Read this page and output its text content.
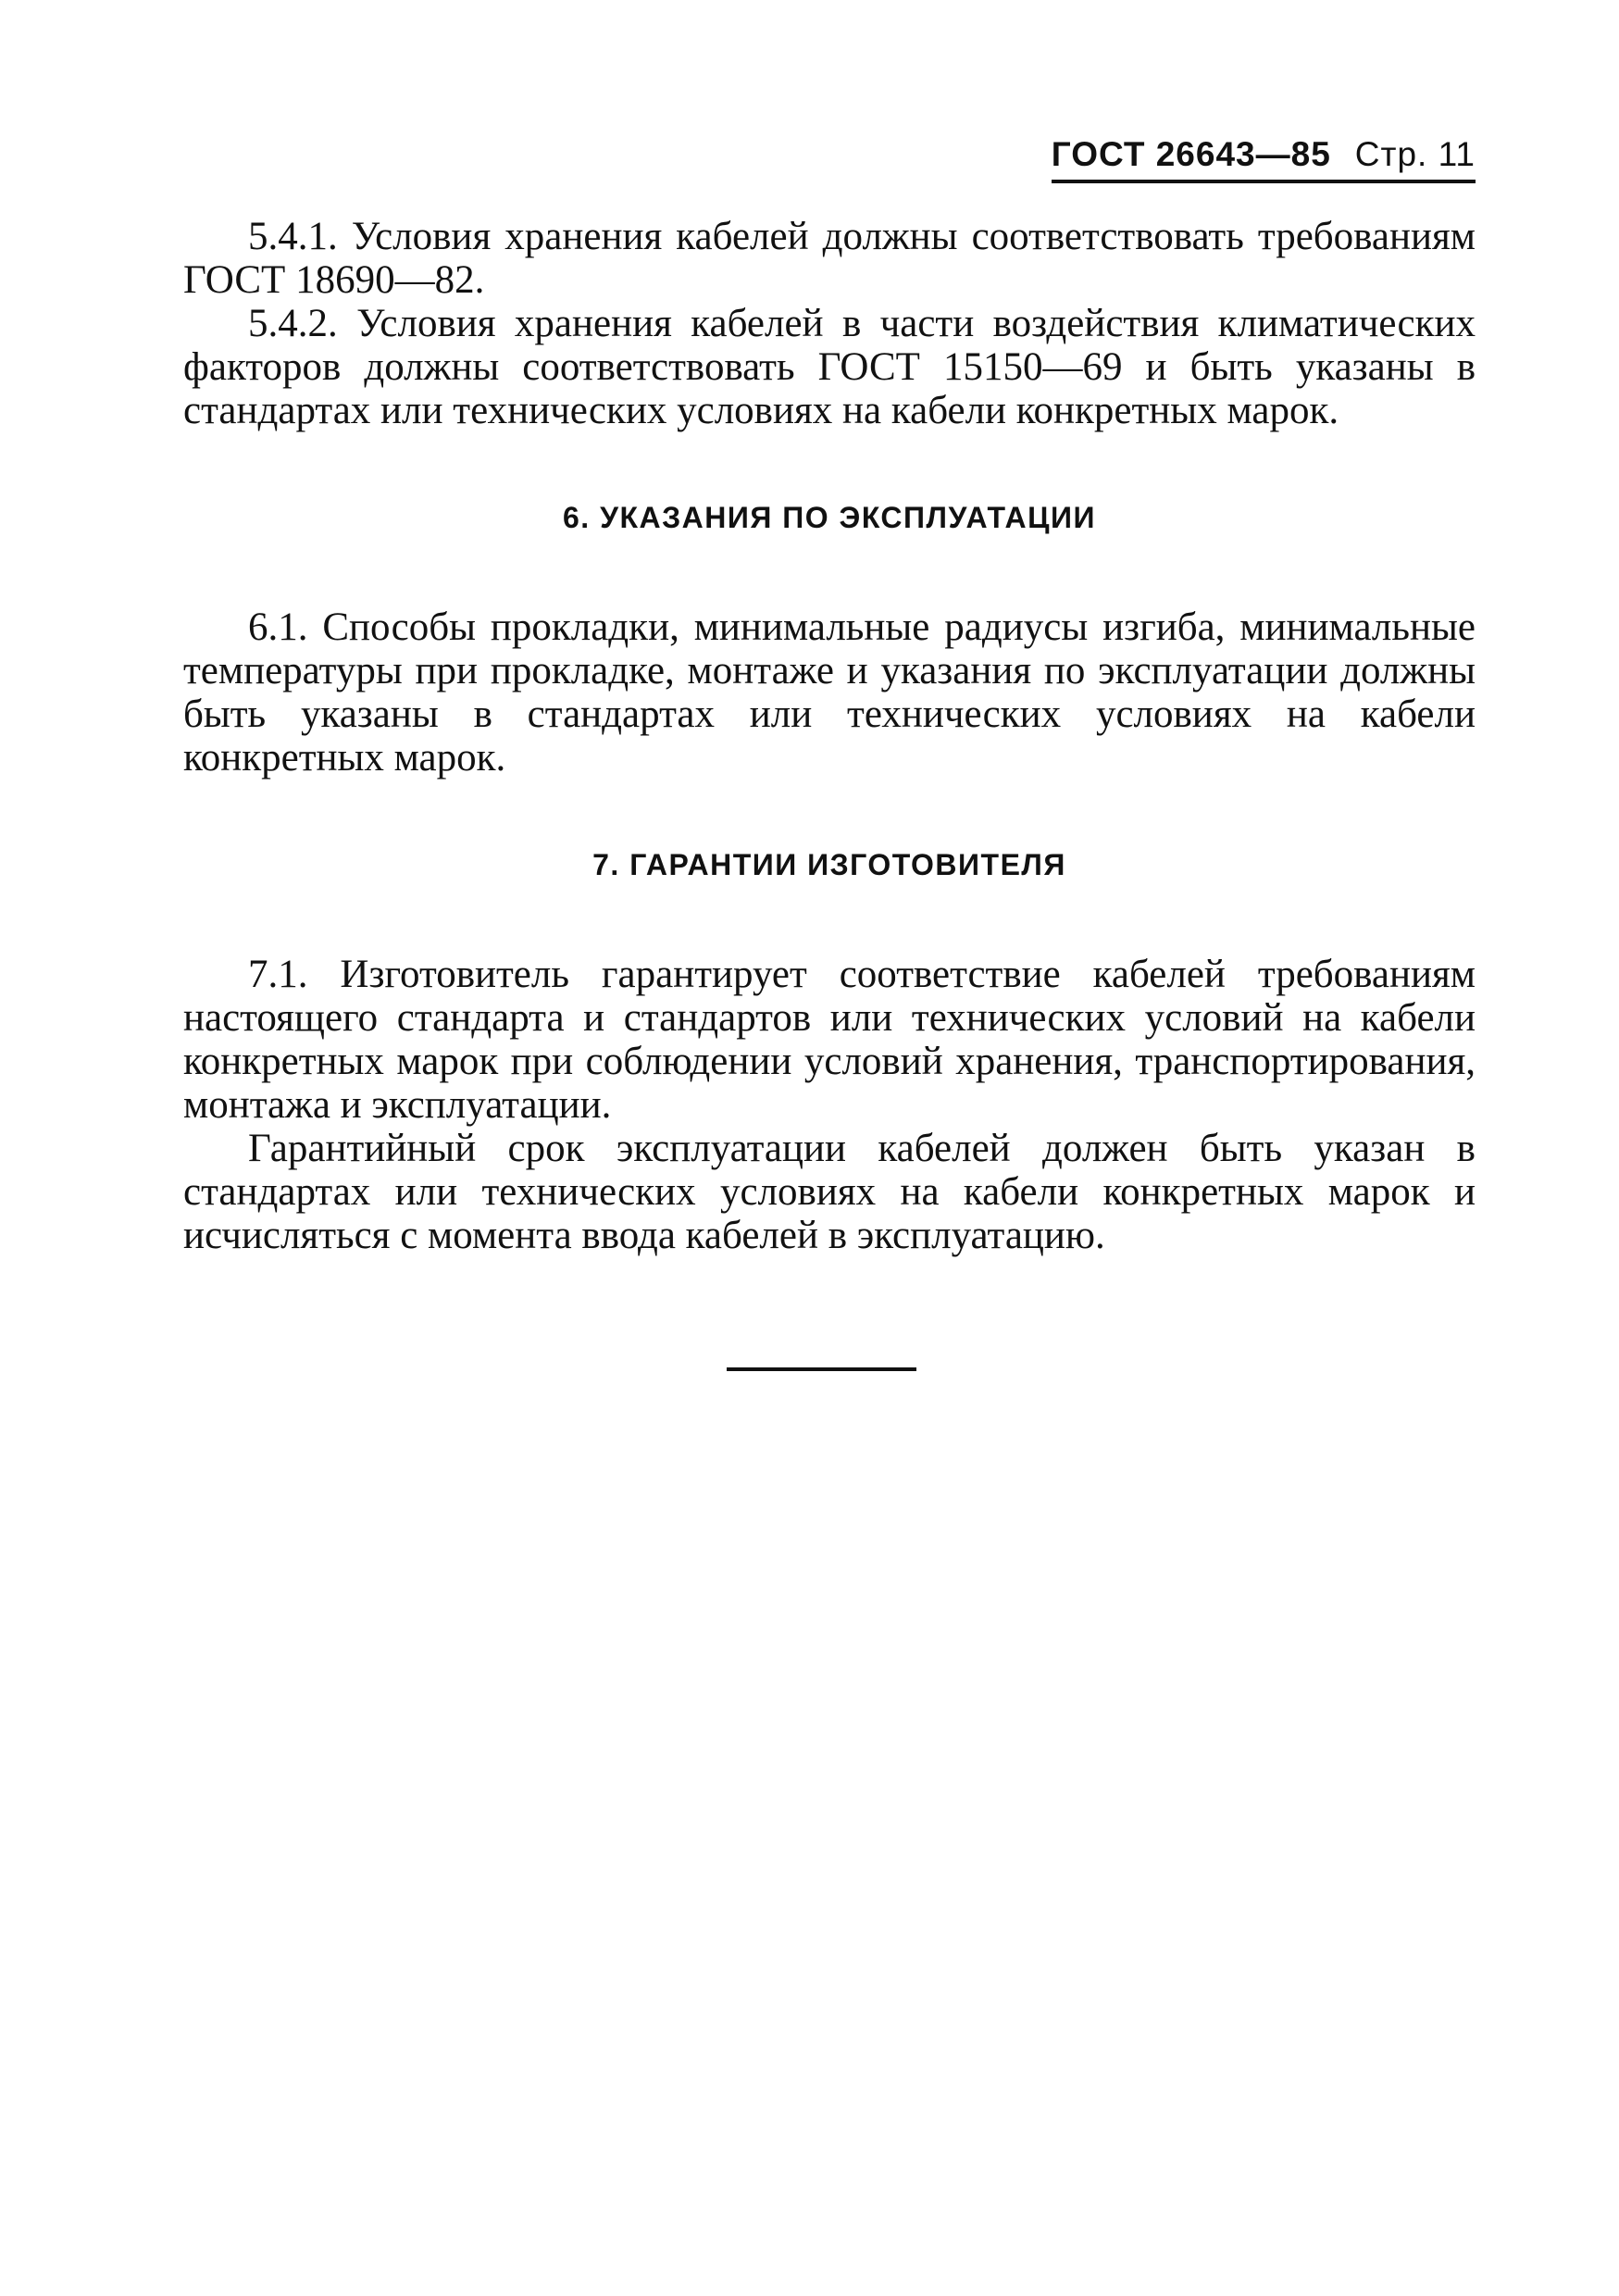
ГОСТ 26643—85 Стр. 11

5.4.1. Условия хранения кабелей должны соответствовать требованиям ГОСТ 18690—82.

5.4.2. Условия хранения кабелей в части воздействия климатических факторов должны соответствовать ГОСТ 15150—69 и быть указаны в стандартах или технических условиях на кабели конкретных марок.

6. УКАЗАНИЯ ПО ЭКСПЛУАТАЦИИ

6.1. Способы прокладки, минимальные радиусы изгиба, минимальные температуры при прокладке, монтаже и указания по эксплуатации должны быть указаны в стандартах или технических условиях на кабели конкретных марок.

7. ГАРАНТИИ ИЗГОТОВИТЕЛЯ

7.1. Изготовитель гарантирует соответствие кабелей требованиям настоящего стандарта и стандартов или технических условий на кабели конкретных марок при соблюдении условий хранения, транспортирования, монтажа и эксплуатации.

Гарантийный срок эксплуатации кабелей должен быть указан в стандартах или технических условиях на кабели конкретных марок и исчисляться с момента ввода кабелей в эксплуатацию.
